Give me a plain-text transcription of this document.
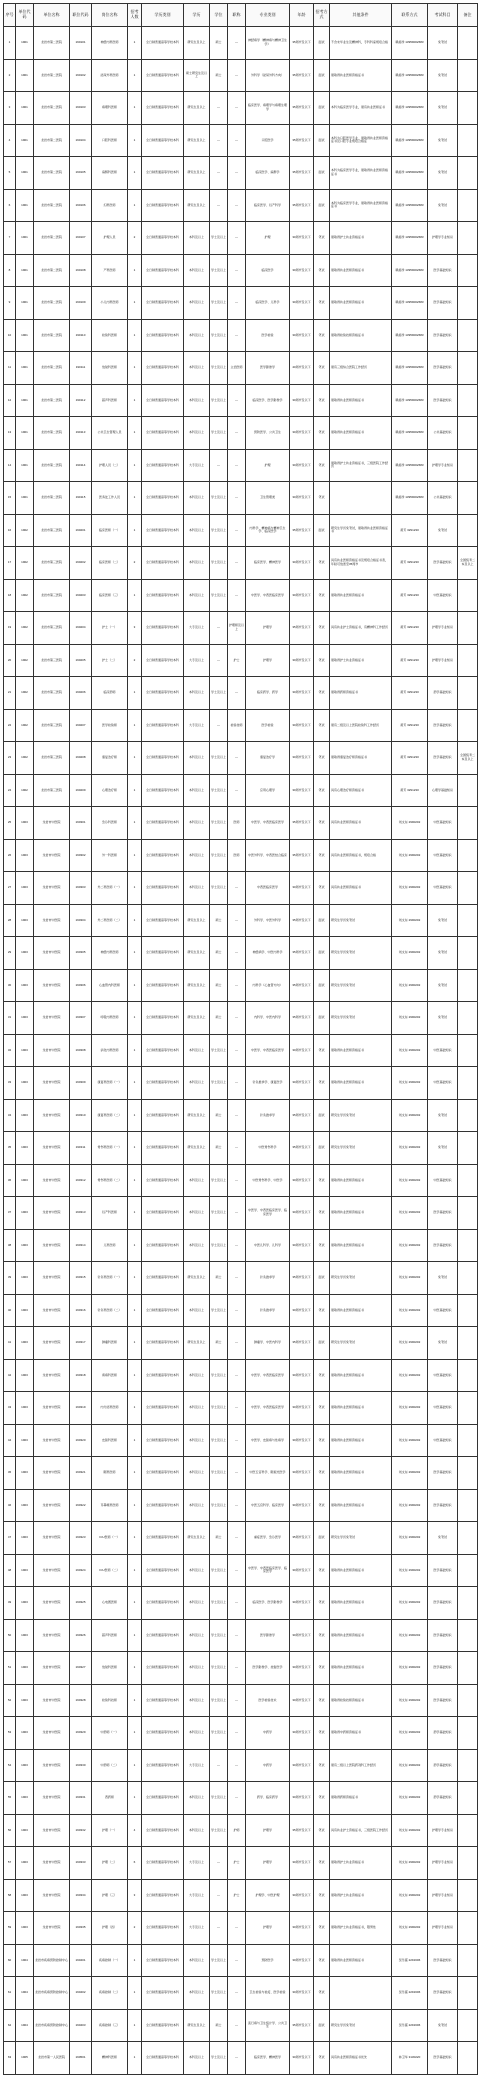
序号	单位代码	单位名称	职位代码	岗位名称	招考人数	学历类别	学历	学位	职称	专业类别	年龄	招考方式	其他条件	联系方式	考试科目	备注
1	1901	龙岩市第二医院	190101	神经内科医师	1	全日制普通高等学校本科	研究生及以上	硕士	—	神经病学（精神病与精神卫生学）	35周岁及以下	面试	不含未毕业生及精神科，专科科室规培合格	赖美珍 13959002683	免笔试	
2	1901	龙岩市第二医院	190102	泌尿外科医师	1	全日制普通高等学校本科	硕士研究生及以上	硕士	—	外科学（泌尿外科方向）	35周岁及以下	面试	须取得执业医师资格证书	赖美珍 13959002683	免笔试	
3	1901	龙岩市第二医院	190103	病理科医师	1	全日制普通高等学校本科	研究生及以上	—	—	临床医学、病理学与病理生理学	35周岁及以下	面试	本科为临床医学专业，须有执业医师证书	赖美珍 13959002683	免笔试	
4	1901	龙岩市第二医院	190104	口腔科医师	1	全日制普通高等学校本科	研究生及以上	—	—	口腔医学	35周岁及以下	面试	本科为口腔医学专业，须取得执业医师资格证书及口腔专业规培合格证	赖美珍 13959002683	免笔试	
5	1901	龙岩市第二医院	190105	麻醉科医师	1	全日制普通高等学校本科	研究生及以上	—	—	临床医学、麻醉学	35周岁及以下	面试	本科为临床医学专业，须取得执业医师资格证书	赖美珍 13959002683	免笔试	
6	1901	龙岩市第二医院	190106	妇科医师	1	全日制普通高等学校本科	研究生及以上	—	—	临床医学、妇产科学	35周岁及以下	面试	本科为临床医学专业，须取得执业医师资格证书	赖美珍 13959002683	免笔试	
7	1901	龙岩市第二医院	190107	护理人员	2	全日制普通高等学校本科	本科及以上	学士及以上	—	护理	30周岁及以下	笔试	须取得护士执业资格证书	赖美珍 13959002683	护理学专业知识	
8	1901	龙岩市第二医院	190108	产科医师	1	全日制普通高等学校本科	本科及以上	学士及以上	—	临床医学	30周岁及以下	笔试	须取得执业医师资格证书	赖美珍 13959002683	医学基础知识	
9	1901	龙岩市第二医院	190109	小儿内科医师	1	全日制普通高等学校本科	本科及以上	学士及以上	—	临床医学、儿科学	30周岁及以下	笔试	须取得执业医师资格证书	赖美珍 13959002683	医学基础知识	
10	1901	龙岩市第二医院	190110	检验科医师	1	全日制普通高等学校本科	本科及以上	学士及以上	—	医学检验	30周岁及以下	笔试	须取得检验技师资格证书	赖美珍 13959002683	医学基础知识	
11	1901	龙岩市第二医院	190111	放射科医师	1	全日制普通高等学校本科	本科及以上	学士及以上	主治医师	医学影像学	40周岁及以下	笔试	须有三级综合医院工作经历	赖美珍 13959002683	医学基础知识	
12	1901	龙岩市第二医院	190112	超声科医师	1	全日制普通高等学校本科	本科及以上	学士及以上	—	临床医学、医学影像学	30周岁及以下	笔试	须取得执业医师资格证书	赖美珍 13959002683	医学基础知识	
13	1901	龙岩市第二医院	190113	公共卫生管理人员	1	全日制普通高等学校本科	本科及以上	学士及以上	—	预防医学、公共卫生	30周岁及以下	笔试	须取得执业医师资格证书	赖美珍 13959002683	公共基础知识	
14	1901	龙岩市第二医院	190114	护理人员（二）	1	全日制普通高等学校本科	大专及以上	—	—	护理	30周岁及以下	笔试	须取得护士执业资格证书，三级医院工作经历	赖美珍 13959002683	护理学专业知识	
15	1901	龙岩市第二医院	190115	医务处工作人员	1	全日制普通高等学校本科	本科及以上	学士及以上	—	卫生管理类	30周岁及以下	笔试		赖美珍 13959002683	公共基础知识	
16	1902	龙岩市第三医院	190201	临床医师（一）	1	全日制普通高等学校本科	本科及以上	学士及以上	—	内科学、精神病与精神卫生学、临床医学	35周岁及以下	面试	研究生学历免笔试，须取得执业医师资格证书	黄芳 3291230	免笔试	
17	1902	龙岩市第三医院	190202	临床医师（二）	2	全日制普通高等学校本科	本科及以上	学士及以上	—	临床医学、精神医学	30周岁及以下	笔试	具有执业医师资格证书及规培合格证书者，年龄可放宽至35周岁	黄芳 3291230	医学基础知识	全国统考二本及以上
18	1902	龙岩市第三医院	190203	临床医师（三）	1	全日制普通高等学校本科	本科及以上	学士及以上	—	中医学、中西医临床医学	30周岁及以下	笔试	须取得执业医师资格证书	黄芳 3291230	中医基础知识	
19	1902	龙岩市第三医院	190204	护士（一）	3	全日制普通高等学校本科	大专及以上	—	护理师及以上	护理学	35周岁及以下	笔试	具有执业护士资格证书，有精神科工作经历	黄芳 3291230	护理学专业知识	
20	1902	龙岩市第三医院	190205	护士（二）	2	全日制普通高等学校本科	大专及以上	—	护士	护理学	30周岁及以下	笔试	须取得护士执业资格证书	黄芳 3291230	护理学专业知识	
21	1902	龙岩市第三医院	190206	临床药师	1	全日制普通高等学校本科	本科及以上	学士及以上	—	临床药学、药学	30周岁及以下	笔试	须取得药师资格证书	黄芳 3291230	药学基础知识	
22	1902	龙岩市第三医院	190207	医学检验师	1	全日制普通高等学校本科	大专及以上	—	检验技师	医学检验	30周岁及以下	笔试	须有二级及以上医院检验科工作经历	黄芳 3291230	医学基础知识	
23	1902	龙岩市第三医院	190208	康复治疗师	1	全日制普通高等学校本科	本科及以上	学士及以上	—	康复治疗学	30周岁及以下	笔试	须取得康复治疗师资格证书	黄芳 3291230	医学基础知识	全国统考二本及以上
24	1902	龙岩市第三医院	190209	心理治疗师	1	全日制普通高等学校本科	本科及以上	学士及以上	—	应用心理学	30周岁及以下	笔试	具有心理治疗师资格证书	黄芳 3291230	心理学基础知识	
25	1903	龙岩市中医院	190301	急诊科医师	1	全日制普通高等学校本科	本科及以上	学士及以上	医师	中医学、中西医临床医学	35周岁及以下	笔试	具有执业医师资格证书	刘文东 2990202	中医基础知识	
26	1903	龙岩市中医院	190302	外一科医师	1	全日制普通高等学校本科	本科及以上	学士及以上	医师	中医外科学、中西医结合临床	35周岁及以下	笔试	具有执业医师资格证书，规培合格	刘文东 2990202	中医基础知识	
27	1903	龙岩市中医院	190303	外二科医师（一）	1	全日制普通高等学校本科	本科及以上	学士及以上	—	中西医临床医学	30周岁及以下	笔试	具有执业医师资格证书	刘文东 2990202	中医基础知识	
28	1903	龙岩市中医院	190304	外二科医师（二）	1	全日制普通高等学校本科	研究生及以上	硕士	—	外科学、中医外科学	35周岁及以下	面试	研究生学历免笔试	刘文东 2990202	免笔试	
29	1903	龙岩市中医院	190305	神经内科医师	1	全日制普通高等学校本科	研究生及以上	硕士	—	神经病学、中医内科学	35周岁及以下	面试	研究生学历免笔试	刘文东 2990202	免笔试	
30	1903	龙岩市中医院	190306	心血管内科医师	1	全日制普通高等学校本科	研究生及以上	硕士	—	内科学（心血管方向）	35周岁及以下	面试	研究生学历免笔试	刘文东 2990202	免笔试	
31	1903	龙岩市中医院	190307	呼吸内科医师	1	全日制普通高等学校本科	研究生及以上	硕士	—	内科学、中医内科学	35周岁及以下	面试	研究生学历免笔试	刘文东 2990202	免笔试	
32	1903	龙岩市中医院	190308	消化内科医师	1	全日制普通高等学校本科	本科及以上	学士及以上	—	中医学、中西医临床医学	30周岁及以下	笔试	须取得执业医师资格证书	刘文东 2990202	中医基础知识	
33	1903	龙岩市中医院	190309	康复科医师（一）	1	全日制普通高等学校本科	本科及以上	学士及以上	—	针灸推拿学、康复医学	30周岁及以下	笔试	须取得执业医师资格证书	刘文东 2990202	中医基础知识	
34	1903	龙岩市中医院	190310	康复科医师（二）	1	全日制普通高等学校本科	研究生及以上	硕士	—	针灸推拿学	35周岁及以下	面试	研究生学历免笔试	刘文东 2990202	免笔试	
35	1903	龙岩市中医院	190311	骨伤科医师（一）	1	全日制普通高等学校本科	研究生及以上	硕士	—	中医骨伤科学	35周岁及以下	面试	研究生学历免笔试	刘文东 2990202	免笔试	
36	1903	龙岩市中医院	190312	骨伤科医师（二）	1	全日制普通高等学校本科	本科及以上	学士及以上	—	中医骨伤科学、中医学	30周岁及以下	笔试	须取得执业医师资格证书	刘文东 2990202	中医基础知识	
37	1903	龙岩市中医院	190313	妇产科医师	1	全日制普通高等学校本科	本科及以上	学士及以上	—	中医学、中西医临床医学、临床医学	30周岁及以下	笔试	须取得执业医师资格证书	刘文东 2990202	医学基础知识	
38	1903	龙岩市中医院	190314	儿科医师	1	全日制普通高等学校本科	本科及以上	学士及以上	—	中医儿科学、儿科学	30周岁及以下	笔试	须取得执业医师资格证书	刘文东 2990202	医学基础知识	
39	1903	龙岩市中医院	190315	针灸科医师（一）	1	全日制普通高等学校本科	研究生及以上	硕士	—	针灸推拿学	35周岁及以下	面试	研究生学历免笔试	刘文东 2990202	免笔试	
40	1903	龙岩市中医院	190316	针灸科医师（二）	1	全日制普通高等学校本科	本科及以上	学士及以上	—	针灸推拿学	30周岁及以下	笔试	须取得执业医师资格证书	刘文东 2990202	中医基础知识	
41	1903	龙岩市中医院	190317	肿瘤科医师	1	全日制普通高等学校本科	研究生及以上	硕士	—	肿瘤学、中医内科学	35周岁及以下	面试	研究生学历免笔试	刘文东 2990202	免笔试	
42	1903	龙岩市中医院	190318	肾病科医师	1	全日制普通高等学校本科	本科及以上	学士及以上	—	中医学、中西医临床医学	30周岁及以下	笔试	须取得执业医师资格证书	刘文东 2990202	中医基础知识	
43	1903	龙岩市中医院	190319	内分泌科医师	1	全日制普通高等学校本科	本科及以上	学士及以上	—	中医学、中西医临床医学	30周岁及以下	笔试	须取得执业医师资格证书	刘文东 2990202	中医基础知识	
44	1903	龙岩市中医院	190320	皮肤科医师	1	全日制普通高等学校本科	本科及以上	学士及以上	—	中医学、皮肤病与性病学	30周岁及以下	笔试	须取得执业医师资格证书	刘文东 2990202	中医基础知识	
45	1903	龙岩市中医院	190321	眼科医师	1	全日制普通高等学校本科	本科及以上	学士及以上	—	中医五官科学、眼视光医学	30周岁及以下	笔试	须取得执业医师资格证书	刘文东 2990202	医学基础知识	
46	1903	龙岩市中医院	190322	耳鼻喉科医师	1	全日制普通高等学校本科	本科及以上	学士及以上	—	中医五官科学、临床医学	30周岁及以下	笔试	须取得执业医师资格证书	刘文东 2990202	医学基础知识	
47	1903	龙岩市中医院	190323	ICU医师（一）	1	全日制普通高等学校本科	研究生及以上	硕士	—	重症医学、急诊医学	35周岁及以下	面试	研究生学历免笔试	刘文东 2990202	免笔试	
48	1903	龙岩市中医院	190324	ICU医师（二）	1	全日制普通高等学校本科	本科及以上	学士及以上	—	中医学、中西医临床医学、临床医学	30周岁及以下	笔试	须取得执业医师资格证书	刘文东 2990202	医学基础知识	
49	1903	龙岩市中医院	190325	心电图医师	1	全日制普通高等学校本科	本科及以上	学士及以上	—	临床医学、医学影像学	30周岁及以下	笔试	须取得执业医师资格证书	刘文东 2990202	医学基础知识	
50	1903	龙岩市中医院	190326	超声科医师	1	全日制普通高等学校本科	本科及以上	学士及以上	—	医学影像学	30周岁及以下	笔试	须取得执业医师资格证书	刘文东 2990202	医学基础知识	
51	1903	龙岩市中医院	190327	放射科医师	1	全日制普通高等学校本科	本科及以上	学士及以上	—	医学影像学、放射医学	30周岁及以下	笔试	须取得执业医师资格证书	刘文东 2990202	医学基础知识	
52	1903	龙岩市中医院	190328	检验科技师	1	全日制普通高等学校本科	本科及以上	学士及以上	—	医学检验技术	30周岁及以下	笔试	须取得检验技师资格证书	刘文东 2990202	医学基础知识	
53	1903	龙岩市中医院	190329	中药师（一）	1	全日制普通高等学校本科	本科及以上	学士及以上	—	中药学	30周岁及以下	笔试	须取得中药师资格证书	刘文东 2990202	药学基础知识	
54	1903	龙岩市中医院	190330	中药师（二）	1	全日制普通高等学校本科	大专及以上	—	—	中药学	30周岁及以下	笔试	须有二级以上医院药剂科工作经历	刘文东 2990202	药学基础知识	
55	1903	龙岩市中医院	190331	西药师	1	全日制普通高等学校本科	本科及以上	学士及以上	—	药学、临床药学	30周岁及以下	笔试	须取得药师资格证书	刘文东 2990202	药学基础知识	
56	1903	龙岩市中医院	190332	护理（一）	4	全日制普通高等学校本科	本科及以上	学士及以上	护师	护理学	35周岁及以下	笔试	具有执业护士资格证书，三级医院工作经历	刘文东 2990202	护理学专业知识	
57	1903	龙岩市中医院	190333	护理（二）	6	全日制普通高等学校本科	大专及以上	—	护士	护理学	30周岁及以下	笔试	须取得护士执业资格证书	刘文东 2990202	护理学专业知识	
58	1903	龙岩市中医院	190334	护理（三）	3	全日制普通高等学校本科	大专及以上	—	护士	护理学、中医护理	30周岁及以下	笔试	须取得护士执业资格证书	刘文东 2990202	护理学专业知识	
59	1903	龙岩市中医院	190335	护理（四）	2	全日制普通高等学校本科	大专及以上	—	—	护理学	30周岁及以下	笔试	须取得护士执业资格证书，限男性	刘文东 2990202	护理学专业知识	
60	1904	龙岩市疾病预防控制中心	190401	疾病控制（一）	1	全日制普通高等学校本科	本科及以上	学士及以上	—	预防医学	30周岁及以下	笔试	须取得执业医师资格证书	吴乐富 2291606	医学基础知识	
61	1904	龙岩市疾病预防控制中心	190402	疾病控制（二）	1	全日制普通高等学校本科	本科及以上	学士及以上	—	卫生检验与检疫、医学检验	30周岁及以下	笔试		吴乐富 2291606	医学基础知识	
62	1904	龙岩市疾病预防控制中心	190403	疾病控制（三）	1	全日制普通高等学校本科	研究生及以上	硕士	—	流行病与卫生统计学、公共卫生	35周岁及以下	面试	研究生学历免笔试	吴乐富 2291606	免笔试	
63	1905	龙岩市第一人民医院	190501	精神科医师	1	全日制普通高等学校本科	本科及以上	学士及以上	—	临床医学、精神医学	30周岁及以下	笔试	具有执业医师资格证书优先	林卫华 3130220	医学基础知识	
